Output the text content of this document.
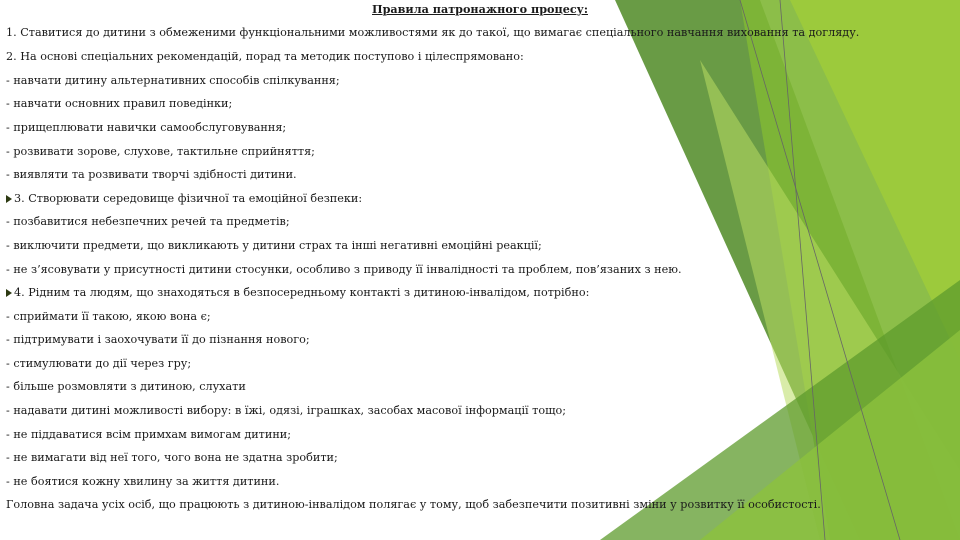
Правила патронажного процесу:
1. Ставитися до дитини з обмеженими функціональними можливостями як до такої, що вимагає спеціального навчання виховання та догляду.
2. На основі спеціальних рекомендацій, порад та методик поступово і цілеспрямовано:
- навчати дитину альтернативних способів спілкування;
- навчати основних правил поведінки;
- прищеплювати навички самообслуговування;
- розвивати зорове, слухове, тактильне сприйняття;
- виявляти та розвивати творчі здібності дитини.
3. Створювати середовище фізичної та емоційної безпеки:
- позбавитися небезпечних речей та предметів;
- виключити предмети, що викликають у дитини страх та інші негативні емоційні реакції;
- не з’ясовувати у присутності дитини стосунки, особливо з приводу її інвалідності та проблем, пов’язаних з нею.
4. Рідним та людям, що знаходяться в безпосередньому контакті з дитиною-інвалідом, потрібно:
- сприймати її такою, якою вона є;
- підтримувати і заохочувати її до пізнання нового;
- стимулювати до дії через гру;
- більше розмовляти з дитиною, слухати
- надавати дитині можливості вибору: в їжі, одязі, іграшках, засобах масової інформації тощо;
- не піддаватися всім примхам вимогам дитини;
- не вимагати від неї того, чого вона не здатна зробити;
- не боятися кожну хвилину за життя дитини.
Головна задача усіх осіб, що працюють з дитиною-інвалідом полягає у тому, щоб забезпечити позитивні зміни у розвитку її особистості.
